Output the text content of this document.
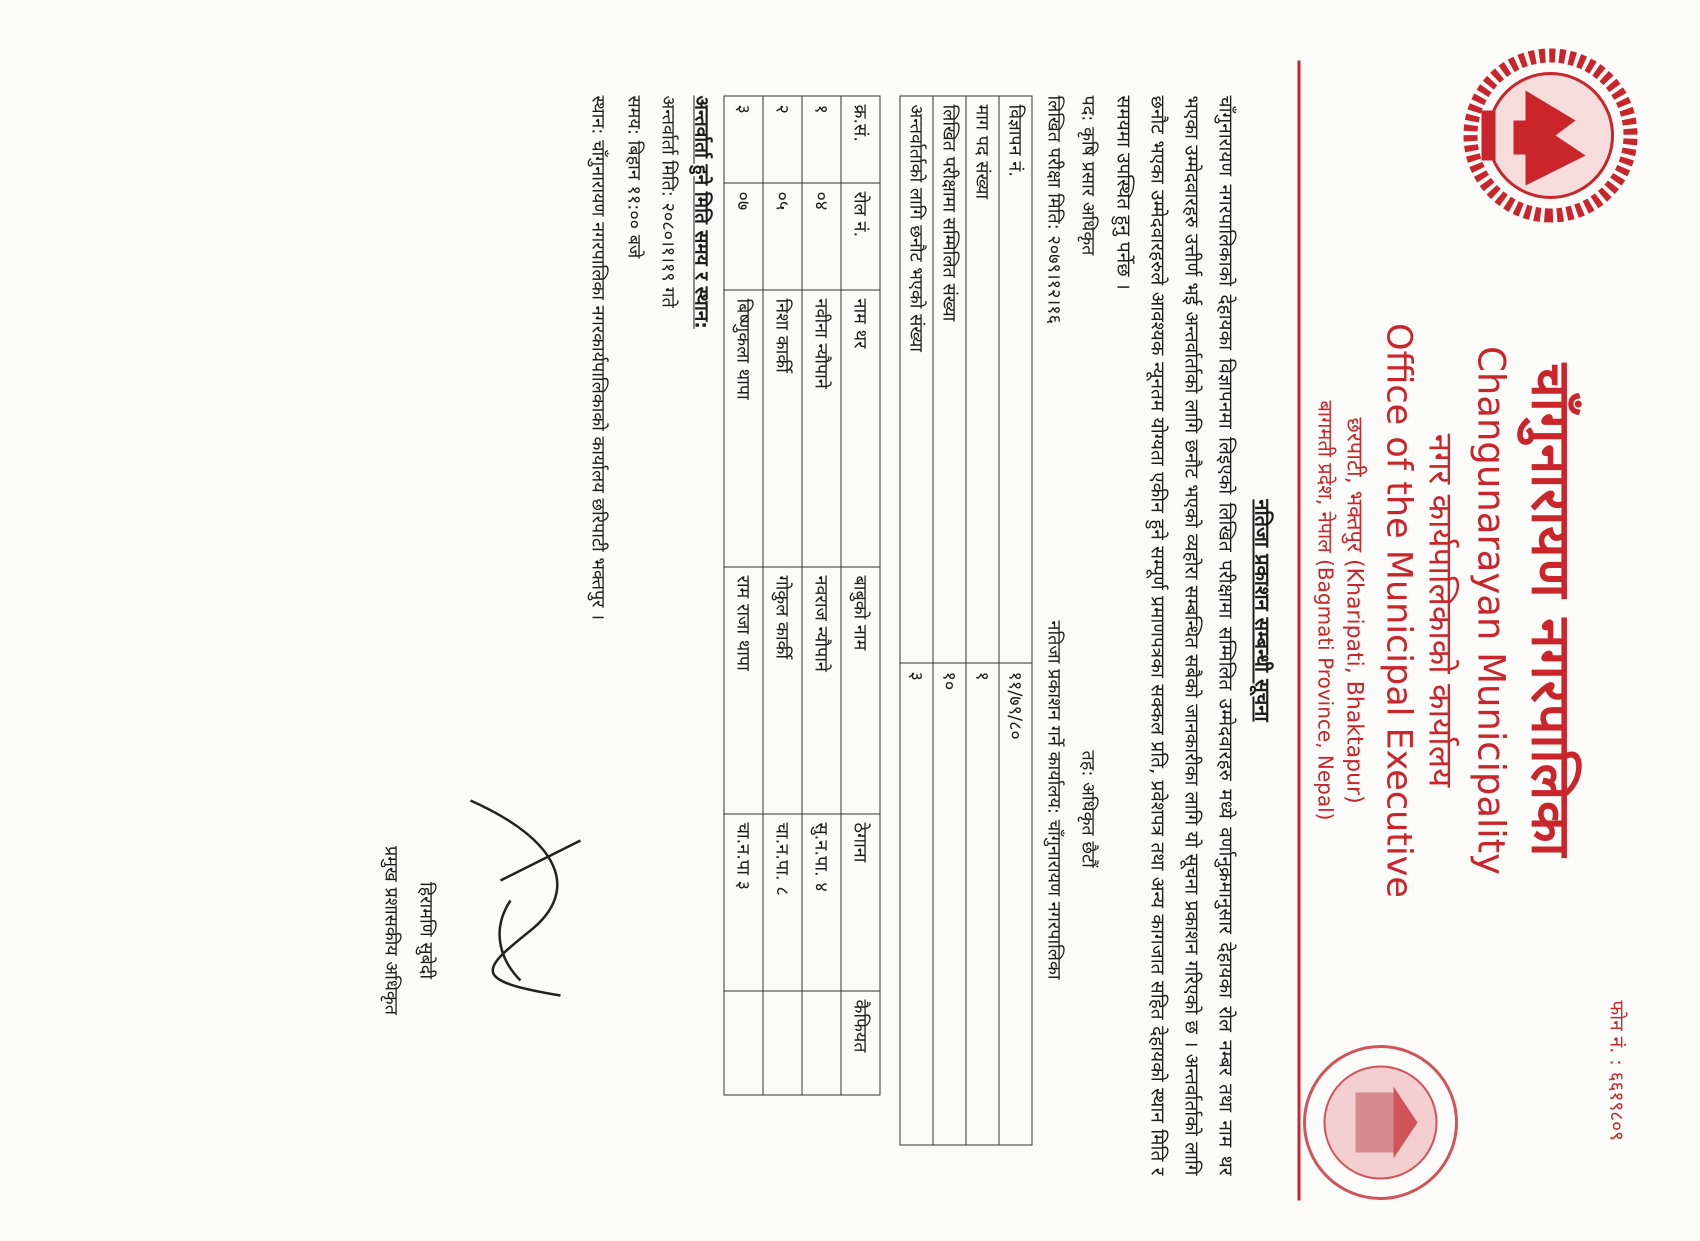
फोन नं. : ६६१९८०९
चाँगुनारायण नगरपालिका
Changunarayan Municipality
नगर कार्यपालिकाको कार्यालय
Office of the Municipal Executive
छरपाटी, भक्तपुर (Kharipati, Bhaktapur)
बागमती प्रदेश, नेपाल (Bagmati Province, Nepal)
नतिजा प्रकाशन सम्बन्धी सूचना
चाँगुनारायण नगरपालिकाको देहायका विज्ञापनमा लिइएको लिखित परीक्षामा सम्मिलित उम्मेदवारहरु मध्ये वर्णानुक्रमानुसार देहायका रोल नम्बर तथा नाम थर भएका उम्मेदवारहरु उत्तीर्ण भई अन्तर्वार्ताको लागि छनौट भएको व्यहोरा सम्बन्धित सबैको जानकारीका लागि यो सूचना प्रकाशन गरिएको छ । अन्तर्वार्ताको लागि छनौट भएका उम्मेदवारहरुले आवश्यक न्यूनतम योग्यता एकीन हुने सम्पूर्ण प्रमाणपत्रका सक्कल प्रति, प्रवेशपत्र तथा अन्य कागजात सहित देहायको स्थान मिति र समयमा उपस्थित हुनु पर्नेछ ।
पद: कृषि प्रसार अधिकृत
तह: अधिकृत छैटौं
लिखित परीक्षा मिति: २०७९।१२।१६
नतिजा प्रकाशन गर्ने कार्यालय: चाँगुनारायण नगरपालिका
विज्ञापन नं.	११/७९/८०
माग पद संख्या	१
लिखित परीक्षामा सम्मिलित संख्या	१०
अन्तर्वार्ताको लागि छनौट भएको संख्या	३
क्र.सं.	रोल नं.	नाम थर	बाबुको नाम	ठेगाना	कैफियत
१	०४	नवीना न्यौपाने	नवराज न्यौपाने	सु.न.पा. ४	
२	०५	निशा कार्की	गोकुल कार्की	चा.न.पा. ८	
३	०७	बिष्णुकला थापा	राम राजा थापा	चा.न.पा ३	
अन्तर्वार्ता हुने मिति समय र स्थान:
अन्तर्वार्ता मिति: २०८०।१।१९ गते
समय: बिहान ११:०० बजे
स्थान: चाँगुनारायण नगरपालिका नगरकार्यपालिकाको कार्यालय छरिपाटी भक्तपुर ।
हिरामणि सुबेदी
प्रमुख प्रशासकीय अधिकृत
